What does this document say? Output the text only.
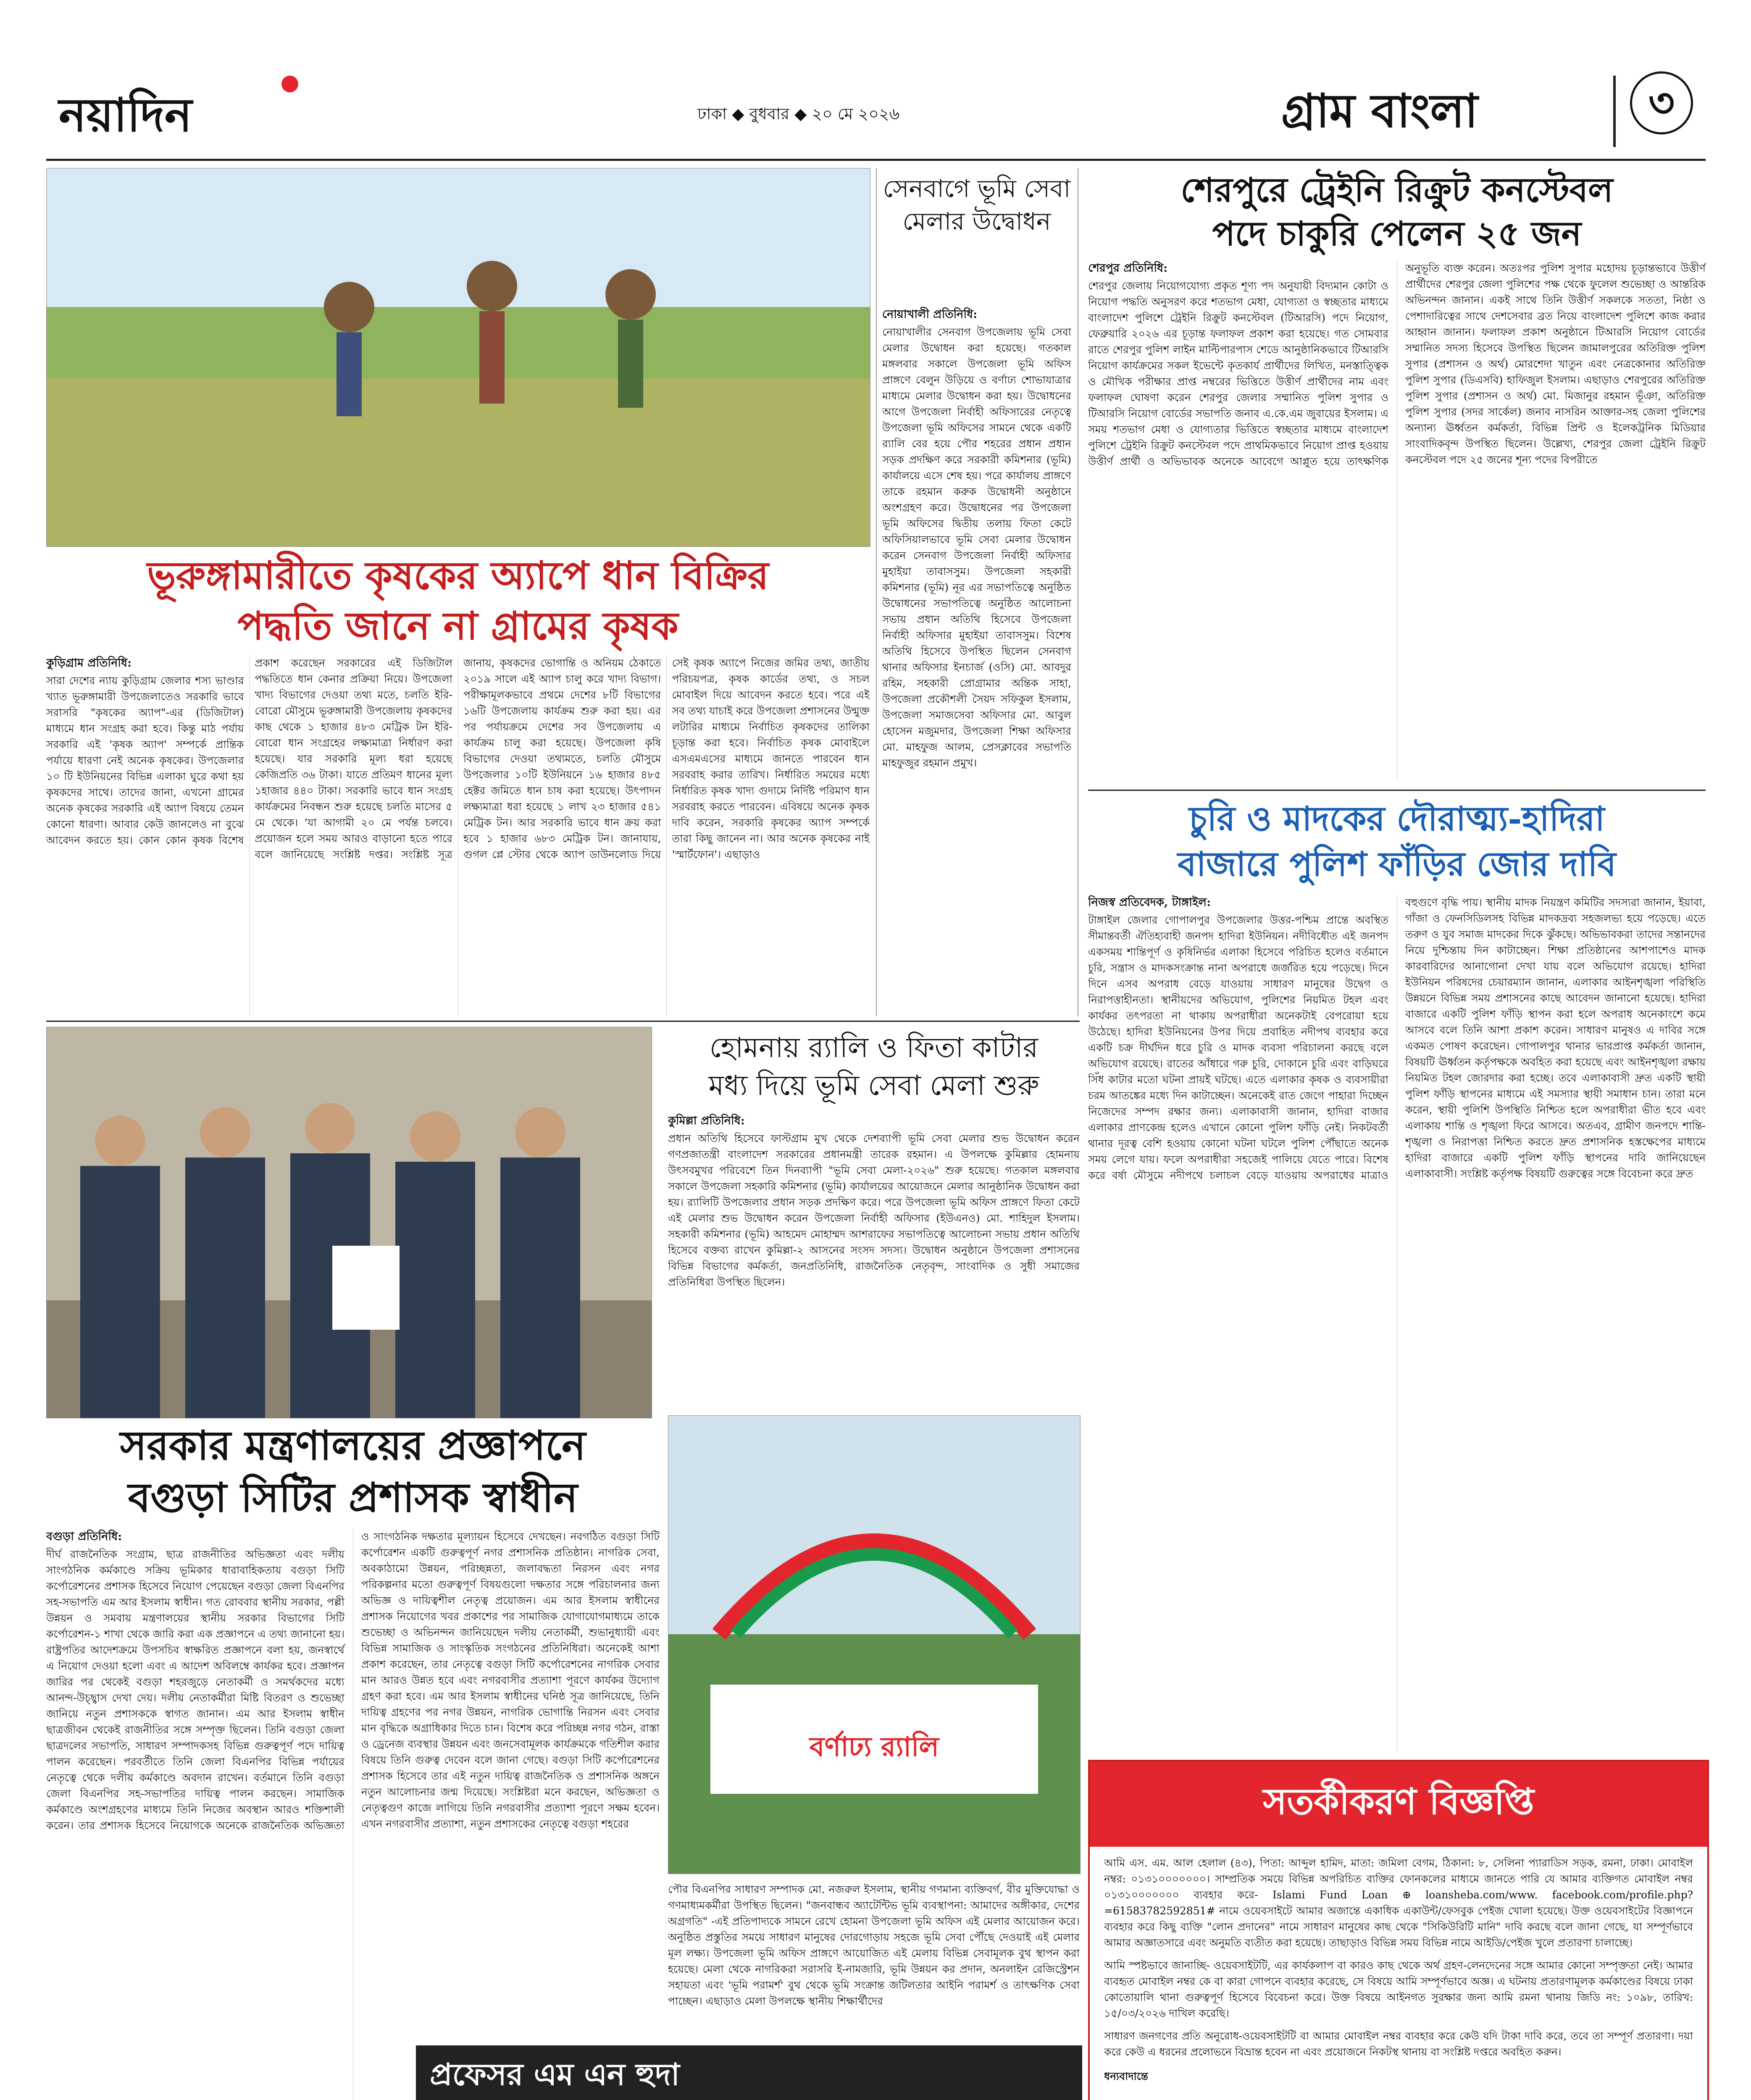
নয়াদিন	ঢাকা ◆ বুধবার ◆ ২০ মে ২০২৬	গ্রাম বাংলা	৩
ভূরুঙ্গামারীতে কৃষকের অ্যাপে ধান বিক্রির
পদ্ধতি জানে না গ্রামের কৃষক
কুড়িগ্রাম প্রতিনিধি:
সারা দেশের ন্যায় কুড়িগ্রাম জেলার শস্য ভাণ্ডার খ্যাত ভূরুঙ্গামারী উপজেলাতেও সরকারি ভাবে সরাসরি "কৃষকের অ্যাপ"-এর (ডিজিটাল) মাধ্যমে ধান সংগ্রহ করা হবে। কিন্তু মাঠ পর্যায় সরকারি এই 'কৃষক অ্যাপ' সম্পর্কে প্রান্তিক পর্যায়ে ধারণা নেই অনেক কৃষকের। উপজেলার ১০ টি ইউনিয়নের বিভিন্ন এলাকা ঘুরে কথা হয় কৃষকদের সাথে। তাদের জানা, এখনো গ্রামের অনেক কৃষকের সরকারি এই অ্যাপ বিষয়ে তেমন কোনো ধারণা। আবার কেউ জানলেও না বুঝে আবেদন করতে হয়। কোন কোন কৃষক বিশেষ প্রকাশ করেছেন সরকারের এই ডিজিটাল পদ্ধতিতে ধান কেনার প্রক্রিয়া নিয়ে। উপজেলা খাদ্য বিভাগের দেওয়া তথ্য মতে, চলতি ইরি-বোরো মৌসুমে ভূরুঙ্গামারী উপজেলায় কৃষকদের কাছ থেকে ১ হাজার ৪৮৩ মেট্রিক টন ইরি-বোরো ধান সংগ্রহের লক্ষ্যমাত্রা নির্ধারণ করা হয়েছে। যার সরকারি মূল্য ধরা হয়েছে কেজিপ্রতি ৩৬ টাকা। যাতে প্রতিমণ ধানের মূল্য ১হাজার ৪৪০ টাকা। সরকারি ভাবে ধান সংগ্রহ কার্যক্রমের নিবন্ধন শুরু হয়েছে চলতি মাসের ৫ মে থেকে। 'যা আগামী ২০ মে পর্যন্ত চলবে। প্রয়োজন হলে সময় আরও বাড়ানো হতে পারে বলে জানিয়েছে সংশ্লিষ্ট দপ্তর। সংশ্লিষ্ট সূত্র জানায়, কৃষকদের ভোগান্তি ও অনিয়ম ঠেকাতে ২০১৯ সালে এই অ্যাপ চালু করে খাদ্য বিভাগ। পরীক্ষামূলকভাবে প্রথমে দেশের ৮টি বিভাগের ১৬টি উপজেলায় কার্যক্রম শুরু করা হয়। এর পর পর্যায়ক্রমে দেশের সব উপজেলায় এ কার্যক্রম চালু করা হয়েছে। উপজেলা কৃষি বিভাগের দেওয়া তথ্যমতে, চলতি মৌসুমে উপজেলার ১০টি ইউনিয়নে ১৬ হাজার ৪৮৫ হেক্টর জমিতে ধান চাষ করা হয়েছে। উৎপাদন লক্ষ্যমাত্রা ধরা হয়েছে ১ লাখ ২৩ হাজার ৫৪১ মেট্রিক টন। আর সরকারি ভাবে ধান ক্রয় করা হবে ১ হাজার ৬৮৩ মেট্রিক টন। জানাযায়, গুগল প্লে স্টোর থেকে অ্যাপ ডাউনলোড দিয়ে সেই কৃষক অ্যাপে নিজের জমির তথ্য, জাতীয় পরিচয়পত্র, কৃষক কার্ডের তথ্য, ও সচল মোবাইল দিয়ে আবেদন করতে হবে। পরে এই সব তথ্য যাচাই করে উপজেলা প্রশাসনের উন্মুক্ত লটারির মাধ্যমে নির্বাচিত কৃষকদের তালিকা চূড়ান্ত করা হবে। নির্বাচিত কৃষক মোবাইলে এসএমএসের মাধ্যমে জানতে পারবেন ধান সরবরাহ করার তারিখ। নির্ধারিত সময়ের মধ্যে নির্ধারিত কৃষক খাদ্য গুদামে নির্দিষ্ট পরিমাণ ধান সরবরাহ করতে পারবেন। এবিষয়ে অনেক কৃষক দাবি করেন, সরকারি কৃষকের অ্যাপ সম্পর্কে তারা কিছু জানেন না। আর অনেক কৃষকের নাই 'স্মার্টফোন'। এছাড়াও
সেনবাগে ভূমি সেবা মেলার উদ্বোধন
নোয়াখালী প্রতিনিধি:
নোয়াখালীর সেনবাগ উপজেলায় ভূমি সেবা মেলার উদ্বোধন করা হয়েছে। গতকাল মঙ্গলবার সকালে উপজেলা ভূমি অফিস প্রাঙ্গণে বেলুন উড়িয়ে ও বর্ণাঢ্য শোভাযাত্রার মাধ্যমে মেলার উদ্বোধন করা হয়। উদ্বোধনের আগে উপজেলা নির্বাহী অফিসারের নেতৃত্বে উপজেলা ভূমি অফিসের সামনে থেকে একটি র‍্যালি বের হয়ে পৌর শহরের প্রধান প্রধান সড়ক প্রদক্ষিণ করে সরকারী কমিশনার (ভূমি) কার্যালয়ে এসে শেষ হয়। পরে কার্যালয় প্রাঙ্গণে তাকে রহমান করুক উদ্বোধনী অনুষ্ঠানে অংশগ্রহণ করে। উদ্বোধনের পর উপজেলা ভূমি অফিসের দ্বিতীয় তলায় ফিতা কেটে অফিসিয়ালভাবে ভূমি সেবা মেলার উদ্বোধন করেন সেনবাগ উপজেলা নির্বাহী অফিসার মুহাইয়া তাবাসসুম। উপজেলা সহকারী কমিশনার (ভূমি) নূর এর সভাপতিত্বে অনুষ্ঠিত উদ্বোধনের সভাপতিত্বে অনুষ্ঠিত আলোচনা সভায় প্রধান অতিথি হিসেবে উপজেলা নির্বাহী অফিসার মুহাইয়া তাবাসসুম। বিশেষ অতিথি হিসেবে উপস্থিত ছিলেন সেনবাগ থানার অফিসার ইনচার্জ (ওসি) মো. আবদুর রহিম, সহকারী প্রোগ্রামার অন্তিক সাহা, উপজেলা প্রকৌশলী সৈয়দ সফিকুল ইসলাম, উপজেলা সমাজসেবা অফিসার মো. আবুল হোসেন মজুমদার, উপজেলা শিক্ষা অফিসার মো. মাহফুজ আলম, প্রেসক্লাবের সভাপতি মাহফুজুর রহমান প্রমুখ।
শেরপুরে ট্রেইনি রিক্রুট কনস্টেবল
পদে চাকুরি পেলেন ২৫ জন
শেরপুর প্রতিনিধি:
শেরপুর জেলায় নিয়োগযোগ্য প্রকৃত শূণ্য পদ অনুযায়ী বিদ্যমান কোটা ও নিয়োগ পদ্ধতি অনুসরণ করে শতভাগ মেধা, যোগ্যতা ও স্বচ্ছতার মাধ্যমে বাংলাদেশ পুলিশে ট্রেইনি রিক্রুট কনস্টেবল (টিআরসি) পদে নিয়োগ, ফেব্রুয়ারি ২০২৬ এর চূড়ান্ত ফলাফল প্রকাশ করা হয়েছে। গত সোমবার রাতে শেরপুর পুলিশ লাইন মাল্টিপারপাস শেডে আনুষ্ঠানিকভাবে টিআরসি নিয়োগ কার্যক্রমের সকল ইভেন্টে কৃতকার্য প্রার্থীদের লিখিত, মনস্তাত্ত্বিক ও মৌখিক পরীক্ষার প্রাপ্ত নম্বরের ভিত্তিতে উত্তীর্ণ প্রার্থীদের নাম এবং ফলাফল ঘোষণা করেন শেরপুর জেলার সম্মানিত পুলিশ সুপার ও টিআরসি নিয়োগ বোর্ডের সভাপতি জনাব এ.কে.এম জুবায়ের ইসলাম। এ সময় শতভাগ মেধা ও যোগ্যতার ভিত্তিতে স্বচ্ছতার মাধ্যমে বাংলাদেশ পুলিশে ট্রেইনি রিক্রুট কনস্টেবল পদে প্রাথমিকভাবে নিয়োগ প্রাপ্ত হওয়ায় উত্তীর্ণ প্রার্থী ও অভিভাবক অনেকে আবেগে আপ্লুত হয়ে তাৎক্ষণিক অনুভূতি ব্যক্ত করেন। অতঃপর পুলিশ সুপার মহোদয় চূড়ান্তভাবে উত্তীর্ণ প্রার্থীদের শেরপুর জেলা পুলিশের পক্ষ থেকে ফুলেল শুভেচ্ছা ও আন্তরিক অভিনন্দন জানান। একই সাথে তিনি উত্তীর্ণ সকলকে সততা, নিষ্ঠা ও পেশাদারিত্বের সাথে দেশসেবার ব্রত নিয়ে বাংলাদেশ পুলিশে কাজ করার আহ্বান জানান। ফলাফল প্রকাশ অনুষ্ঠানে টিআরসি নিয়োগ বোর্ডের সম্মানিত সদস্য হিসেবে উপস্থিত ছিলেন জামালপুরের অতিরিক্ত পুলিশ সুপার (প্রশাসন ও অর্থ) মোরশেদা খাতুন এবং নেত্রকোনার অতিরিক্ত পুলিশ সুপার (ডিএসবি) হাফিজুল ইসলাম। এছাড়াও শেরপুরের অতিরিক্ত পুলিশ সুপার (প্রশাসন ও অর্থ) মো. মিজানুর রহমান ভূঁঞা, অতিরিক্ত পুলিশ সুপার (সদর সার্কেল) জনাব নাসরিন আক্তার-সহ জেলা পুলিশের অন্যান্য ঊর্ধ্বতন কর্মকর্তা, বিভিন্ন প্রিন্ট ও ইলেকট্রনিক মিডিয়ার সাংবাদিকবৃন্দ উপস্থিত ছিলেন। উল্লেখ্য, শেরপুর জেলা ট্রেইনি রিক্রুট কনস্টেবল পদে ২৫ জনের শূন্য পদের বিপরীতে
চুরি ও মাদকের দৌরাত্ম্য-হাদিরা
বাজারে পুলিশ ফাঁড়ির জোর দাবি
নিজস্ব প্রতিবেদক, টাঙ্গাইল:
টাঙ্গাইল জেলার গোপালপুর উপজেলার উত্তর-পশ্চিম প্রান্তে অবস্থিত সীমান্তবর্তী ঐতিহ্যবাহী জনপদ হাদিরা ইউনিয়ন। নদীবিধৌত এই জনপদ একসময় শান্তিপূর্ণ ও কৃষিনির্ভর এলাকা হিসেবে পরিচিত হলেও বর্তমানে চুরি, সন্ত্রাস ও মাদকসংক্রান্ত নানা অপরাধে জর্জরিত হয়ে পড়েছে। দিনে দিনে এসব অপরাধ বেড়ে যাওয়ায় সাধারণ মানুষের উদ্বেগ ও নিরাপত্তাহীনতা। স্থানীয়দের অভিযোগ, পুলিশের নিয়মিত টহল এবং কার্যকর তৎপরতা না থাকায় অপরাধীরা অনেকটাই বেপরোয়া হয়ে উঠেছে। হাদিরা ইউনিয়নের উপর দিয়ে প্রবাহিত নদীপথ ব্যবহার করে একটি চক্র দীর্ঘদিন ধরে চুরি ও মাদক ব্যবসা পরিচালনা করছে বলে অভিযোগ রয়েছে। রাতের আঁধারে গরু চুরি, দোকানে চুরি এবং বাড়িঘরে সিঁধ কাটার মতো ঘটনা প্রায়ই ঘটছে। এতে এলাকার কৃষক ও ব্যবসায়ীরা চরম আতঙ্কের মধ্যে দিন কাটাচ্ছেন। অনেকেই রাত জেগে পাহারা দিচ্ছেন নিজেদের সম্পদ রক্ষার জন্য। এলাকাবাসী জানান, হাদিরা বাজার এলাকার প্রাণকেন্দ্র হলেও এখানে কোনো পুলিশ ফাঁড়ি নেই। নিকটবর্তী থানার দূরত্ব বেশি হওয়ায় কোনো ঘটনা ঘটলে পুলিশ পৌঁছাতে অনেক সময় লেগে যায়। ফলে অপরাধীরা সহজেই পালিয়ে যেতে পারে। বিশেষ করে বর্ষা মৌসুমে নদীপথে চলাচল বেড়ে যাওয়ায় অপরাধের মাত্রাও বহুগুণে বৃদ্ধি পায়। স্থানীয় মাদক নিয়ন্ত্রণ কমিটির সদস্যরা জানান, ইয়াবা, গাঁজা ও ফেনসিডিলসহ বিভিন্ন মাদকদ্রব্য সহজলভ্য হয়ে পড়েছে। এতে তরুণ ও যুব সমাজ মাদকের দিকে ঝুঁকছে। অভিভাবকরা তাদের সন্তানদের নিয়ে দুশ্চিন্তায় দিন কাটাচ্ছেন। শিক্ষা প্রতিষ্ঠানের আশপাশেও মাদক কারবারিদের আনাগোনা দেখা যায় বলে অভিযোগ রয়েছে। হাদিরা ইউনিয়ন পরিষদের চেয়ারম্যান জানান, এলাকার আইনশৃঙ্খলা পরিস্থিতি উন্নয়নে বিভিন্ন সময় প্রশাসনের কাছে আবেদন জানানো হয়েছে। হাদিরা বাজারে একটি পুলিশ ফাঁড়ি স্থাপন করা হলে অপরাধ অনেকাংশে কমে আসবে বলে তিনি আশা প্রকাশ করেন। সাধারণ মানুষও এ দাবির সঙ্গে একমত পোষণ করেছেন। গোপালপুর থানার ভারপ্রাপ্ত কর্মকর্তা জানান, বিষয়টি ঊর্ধ্বতন কর্তৃপক্ষকে অবহিত করা হয়েছে এবং আইনশৃঙ্খলা রক্ষায় নিয়মিত টহল জোরদার করা হচ্ছে। তবে এলাকাবাসী দ্রুত একটি স্থায়ী পুলিশ ফাঁড়ি স্থাপনের মাধ্যমে এই সমস্যার স্থায়ী সমাধান চান। তারা মনে করেন, স্থায়ী পুলিশি উপস্থিতি নিশ্চিত হলে অপরাধীরা ভীত হবে এবং এলাকায় শান্তি ও শৃঙ্খলা ফিরে আসবে। অতএব, গ্রামীণ জনপদে শান্তি-শৃঙ্খলা ও নিরাপত্তা নিশ্চিত করতে দ্রুত প্রশাসনিক হস্তক্ষেপের মাধ্যমে হাদিরা বাজারে একটি পুলিশ ফাঁড়ি স্থাপনের দাবি জানিয়েছেন এলাকাবাসী। সংশ্লিষ্ট কর্তৃপক্ষ বিষয়টি গুরুত্বের সঙ্গে বিবেচনা করে দ্রুত
হোমনায় র‍্যালি ও ফিতা কাটার
মধ্য দিয়ে ভূমি সেবা মেলা শুরু
কুমিল্লা প্রতিনিধি:
প্রধান অতিথি হিসেবে ফাস্টগ্রাম মুখ থেকে দেশব্যাপী ভূমি সেবা মেলার শুভ উদ্বোধন করেন গণপ্রজাতন্ত্রী বাংলাদেশ সরকারের প্রধানমন্ত্রী তারেক রহমান। এ উপলক্ষে কুমিল্লার হোমনায় উৎসবমুখর পরিবেশে তিন দিনব্যাপী "ভূমি সেবা মেলা-২০২৬" শুরু হয়েছে। গতকাল মঙ্গলবার সকালে উপজেলা সহকারি কমিশনার (ভূমি) কার্যালয়ের আয়োজনে মেলার আনুষ্ঠানিক উদ্বোধন করা হয়। র‍্যালিটি উপজেলার প্রধান সড়ক প্রদক্ষিণ করে। পরে উপজেলা ভূমি অফিস প্রাঙ্গণে ফিতা কেটে এই মেলার শুভ উদ্বোধন করেন উপজেলা নির্বাহী অফিসার (ইউএনও) মো. শাহিদুল ইসলাম। সহকারী কমিশনার (ভূমি) আহমেদ মোহাম্মদ আশরাফের সভাপতিত্বে আলোচনা সভায় প্রধান অতিথি হিসেবে বক্তব্য রাখেন কুমিল্লা-২ আসনের সংসদ সদস্য। উদ্বোধন অনুষ্ঠানে উপজেলা প্রশাসনের বিভিন্ন বিভাগের কর্মকর্তা, জনপ্রতিনিধি, রাজনৈতিক নেতৃবৃন্দ, সাংবাদিক ও সুধী সমাজের প্রতিনিধিরা উপস্থিত ছিলেন।
সরকার মন্ত্রণালয়ের প্রজ্ঞাপনে
বগুড়া সিটির প্রশাসক স্বাধীন
বগুড়া প্রতিনিধি:
দীর্ঘ রাজনৈতিক সংগ্রাম, ছাত্র রাজনীতির অভিজ্ঞতা এবং দলীয় সাংগঠনিক কর্মকাণ্ডে সক্রিয় ভূমিকার ধারাবাহিকতায় বগুড়া সিটি কর্পোরেশনের প্রশাসক হিসেবে নিয়োগ পেয়েছেন বগুড়া জেলা বিএনপির সহ-সভাপতি এম আর ইসলাম স্বাধীন। গত রোববার স্থানীয় সরকার, পল্লী উন্নয়ন ও সমবায় মন্ত্রণালয়ের স্থানীয় সরকার বিভাগের সিটি কর্পোরেশন-১ শাখা থেকে জারি করা এক প্রজ্ঞাপনে এ তথ্য জানানো হয়। রাষ্ট্রপতির আদেশক্রমে উপসচিব স্বাক্ষরিত প্রজ্ঞাপনে বলা হয়, জনস্বার্থে এ নিয়োগ দেওয়া হলো এবং এ আদেশ অবিলম্বে কার্যকর হবে। প্রজ্ঞাপন জারির পর থেকেই বগুড়া শহরজুড়ে নেতাকর্মী ও সমর্থকদের মধ্যে আনন্দ-উচ্ছ্বাস দেখা দেয়। দলীয় নেতাকর্মীরা মিষ্টি বিতরণ ও শুভেচ্ছা জানিয়ে নতুন প্রশাসককে স্বাগত জানান। এম আর ইসলাম স্বাধীন ছাত্রজীবন থেকেই রাজনীতির সঙ্গে সম্পৃক্ত ছিলেন। তিনি বগুড়া জেলা ছাত্রদলের সভাপতি, সাধারণ সম্পাদকসহ বিভিন্ন গুরুত্বপূর্ণ পদে দায়িত্ব পালন করেছেন। পরবর্তীতে তিনি জেলা বিএনপির বিভিন্ন পর্যায়ের নেতৃত্বে থেকে দলীয় কর্মকাণ্ডে অবদান রাখেন। বর্তমানে তিনি বগুড়া জেলা বিএনপির সহ-সভাপতির দায়িত্ব পালন করছেন। সামাজিক কর্মকাণ্ডে অংশগ্রহণের মাধ্যমে তিনি নিজের অবস্থান আরও শক্তিশালী করেন। তার প্রশাসক হিসেবে নিয়োগকে অনেকে রাজনৈতিক অভিজ্ঞতা ও সাংগঠনিক দক্ষতার মূল্যায়ন হিসেবে দেখছেন। নবগঠিত বগুড়া সিটি কর্পোরেশন একটি গুরুত্বপূর্ণ নগর প্রশাসনিক প্রতিষ্ঠান। নাগরিক সেবা, অবকাঠামো উন্নয়ন, পরিচ্ছন্নতা, জলাবদ্ধতা নিরসন এবং নগর পরিকল্পনার মতো গুরুত্বপূর্ণ বিষয়গুলো দক্ষতার সঙ্গে পরিচালনার জন্য অভিজ্ঞ ও দায়িত্বশীল নেতৃত্ব প্রয়োজন। এম আর ইসলাম স্বাধীনের প্রশাসক নিয়োগের খবর প্রকাশের পর সামাজিক যোগাযোগমাধ্যমে তাকে শুভেচ্ছা ও অভিনন্দন জানিয়েছেন দলীয় নেতাকর্মী, শুভানুধ্যায়ী এবং বিভিন্ন সামাজিক ও সাংস্কৃতিক সংগঠনের প্রতিনিধিরা। অনেকেই আশা প্রকাশ করেছেন, তার নেতৃত্বে বগুড়া সিটি কর্পোরেশনের নাগরিক সেবার মান আরও উন্নত হবে এবং নগরবাসীর প্রত্যাশা পূরণে কার্যকর উদ্যোগ গ্রহণ করা হবে। এম আর ইসলাম স্বাধীনের ঘনিষ্ঠ সূত্র জানিয়েছে, তিনি দায়িত্ব গ্রহণের পর নগর উন্নয়ন, নাগরিক ভোগান্তি নিরসন এবং সেবার মান বৃদ্ধিকে অগ্রাধিকার দিতে চান। বিশেষ করে পরিচ্ছন্ন নগর গঠন, রাস্তা ও ড্রেনেজ ব্যবস্থার উন্নয়ন এবং জনসেবামূলক কার্যক্রমকে গতিশীল করার বিষয়ে তিনি গুরুত্ব দেবেন বলে জানা গেছে। বগুড়া সিটি কর্পোরেশনের প্রশাসক হিসেবে তার এই নতুন দায়িত্ব রাজনৈতিক ও প্রশাসনিক অঙ্গনে নতুন আলোচনার জন্ম দিয়েছে। সংশ্লিষ্টরা মনে করছেন, অভিজ্ঞতা ও নেতৃত্বগুণ কাজে লাগিয়ে তিনি নগরবাসীর প্রত্যাশা পূরণে সক্ষম হবেন। এখন নগরবাসীর প্রত্যাশা, নতুন প্রশাসকের নেতৃত্বে বগুড়া শহরের
বর্ণাঢ্য র‍্যালি
পৌর বিএনপির সাধারণ সম্পাদক মো. নজরুল ইসলাম, স্থানীয় গণমান্য ব্যক্তিবর্গ, বীর মুক্তিযোদ্ধা ও গণমাধ্যমকর্মীরা উপস্থিত ছিলেন। "জনবান্ধব অ্যাটেন্টিভ ভূমি ব্যবস্থাপনা: আমাদের অঙ্গীকার, দেশের অগ্রগতি" -এই প্রতিপাদ্যকে সামনে রেখে হোমনা উপজেলা ভূমি অফিস এই মেলার আয়োজন করে। অনুষ্ঠিত প্রস্তুতির সময়ে সাধারণ মানুষের দোরগোড়ায় সহজে ভূমি সেবা পৌঁছে দেওয়াই এই মেলার মূল লক্ষ্য। উপজেলা ভূমি অফিস প্রাঙ্গণে আয়োজিত এই মেলায় বিভিন্ন সেবামূলক বুথ স্থাপন করা হয়েছে। মেলা থেকে নাগরিকরা সরাসরি ই-নামজারি, ভূমি উন্নয়ন কর প্রদান, অনলাইন রেজিস্ট্রেশন সহায়তা এবং 'ভূমি পরামর্শ' বুথ থেকে ভূমি সংক্রান্ত জটিলতার আইনি পরামর্শ ও তাৎক্ষণিক সেবা পাচ্ছেন। এছাড়াও মেলা উপলক্ষে স্থানীয় শিক্ষার্থীদের
সতর্কীকরণ বিজ্ঞপ্তি

আমি এস. এম. আল হেলাল (৪৩), পিতা: আব্দুল হামিদ, মাতা: জমিলা বেগম, ঠিকানা: ৮, সেলিনা প্যারাডিস সড়ক, রমনা, ঢাকা। মোবাইল নম্বর: ০১৩১০০০০০০০। সাম্প্রতিক সময়ে বিভিন্ন অপরিচিত ব্যক্তির ফোনকলের মাধ্যমে জানতে পারি যে আমার ব্যক্তিগত মোবাইল নম্বর ০১৩১০০০০০০০ ব্যবহার করে- Islami Fund Loan ⊕ loansheba.com/www. facebook.com/profile.php?=61583782592851# নামে ওয়েবসাইটে আমার অজান্তে একাধিক একাউন্ট/ফেসবুক পেইজ খোলা হয়েছে। উক্ত ওয়েবসাইটের বিজ্ঞাপনে ব্যবহার করে কিছু ব্যক্তি "লোন প্রদানের" নামে সাধারণ মানুষের কাছ থেকে "সিকিউরিটি মানি" দাবি করছে বলে জানা গেছে, যা সম্পূর্ণভাবে আমার অজ্ঞাতসারে এবং অনুমতি ব্যতীত করা হয়েছে। তাছাড়াও বিভিন্ন সময় বিভিন্ন নামে আইডি/পেইজ খুলে প্রতারণা চালাচ্ছে।

আমি স্পষ্টভাবে জানাচ্ছি- ওয়েবসাইটটি, এর কার্যকলাপ বা কারও কাছ থেকে অর্থ গ্রহণ-লেনদেনের সঙ্গে আমার কোনো সম্পৃক্ততা নেই। আমার ব্যবহৃত মোবাইল নম্বর কে বা কারা গোপনে ব্যবহার করেছে, সে বিষয়ে আমি সম্পূর্ণভাবে অজ্ঞ। এ ঘটনায় প্রতারণামূলক কর্মকাণ্ডের বিষয়ে ঢাকা কোতোয়ালি থানা গুরুত্বপূর্ণ হিসেবে বিবেচনা করে। উক্ত বিষয়ে আইনগত সুরক্ষার জন্য আমি রমনা থানায় জিডি নং: ১০৯৮, তারিখ: ১৫/০৩/২০২৬ দাখিল করেছি।

সাধারণ জনগণের প্রতি অনুরোধ-ওয়েবসাইটটি বা আমার মোবাইল নম্বর ব্যবহার করে কেউ যদি টাকা দাবি করে, তবে তা সম্পূর্ণ প্রতারণা। দয়া করে কেউ এ ধরনের প্রলোভনে বিভ্রান্ত হবেন না এবং প্রয়োজনে নিকটস্থ থানায় বা সংশ্লিষ্ট দপ্তরে অবহিত করুন।

ধন্যবাদান্তে
প্রফেসর এম এন হুদা
